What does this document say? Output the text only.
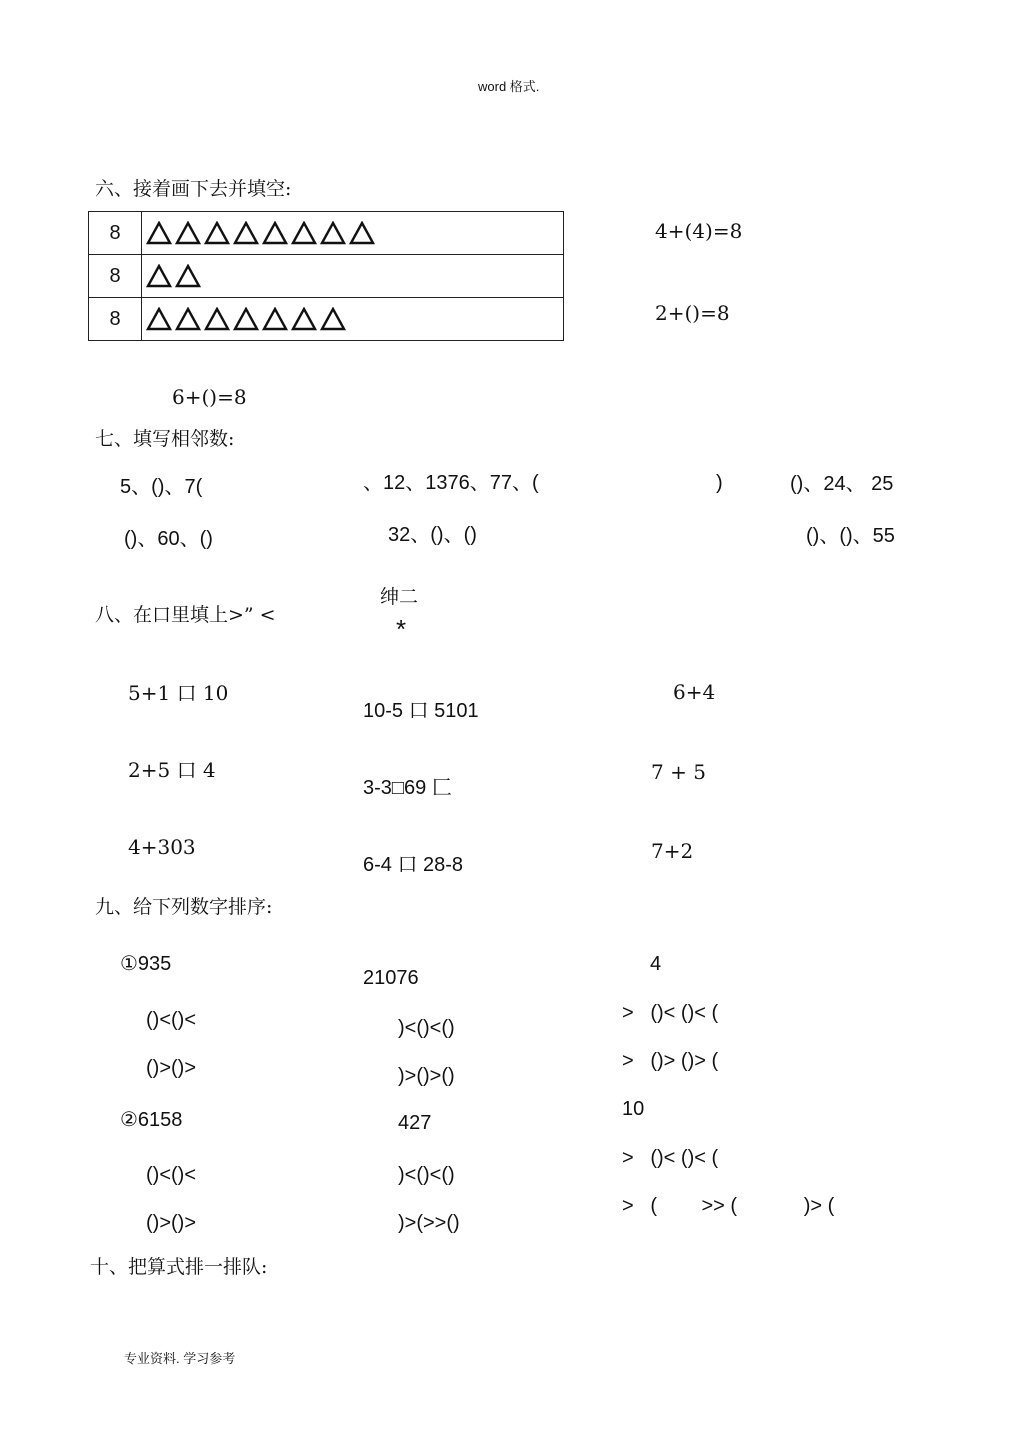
word 格式.
六、接着画下去并填空:
8	
8	
8	
4+(4)=8
2+()=8
6+()=8
七、填写相邻数:
5、()、7(	、12、1376、77、(	)	()、24、 25
()、60、()	32、()、()	()、()、55
八、在口里填上>” <
绅二
*
5+1 口 10
2+5 口 4
4+303
10-5 口 5101
3-3□69 匚
6-4 口 28-8
6+4
7 + 5
7+2
九、给下列数字排序:
①935
()<()<
()>()>
②6158
()<()<
()>()>
21076
)<()<()
)>()>()
427
)<()<()
)>(>>()
4
>   ()< ()< (
>   ()> ()> (
10
>   ()< ()< (
>   (        >> (            )> (
十、把算式排一排队:
专业资料. 学习参考
